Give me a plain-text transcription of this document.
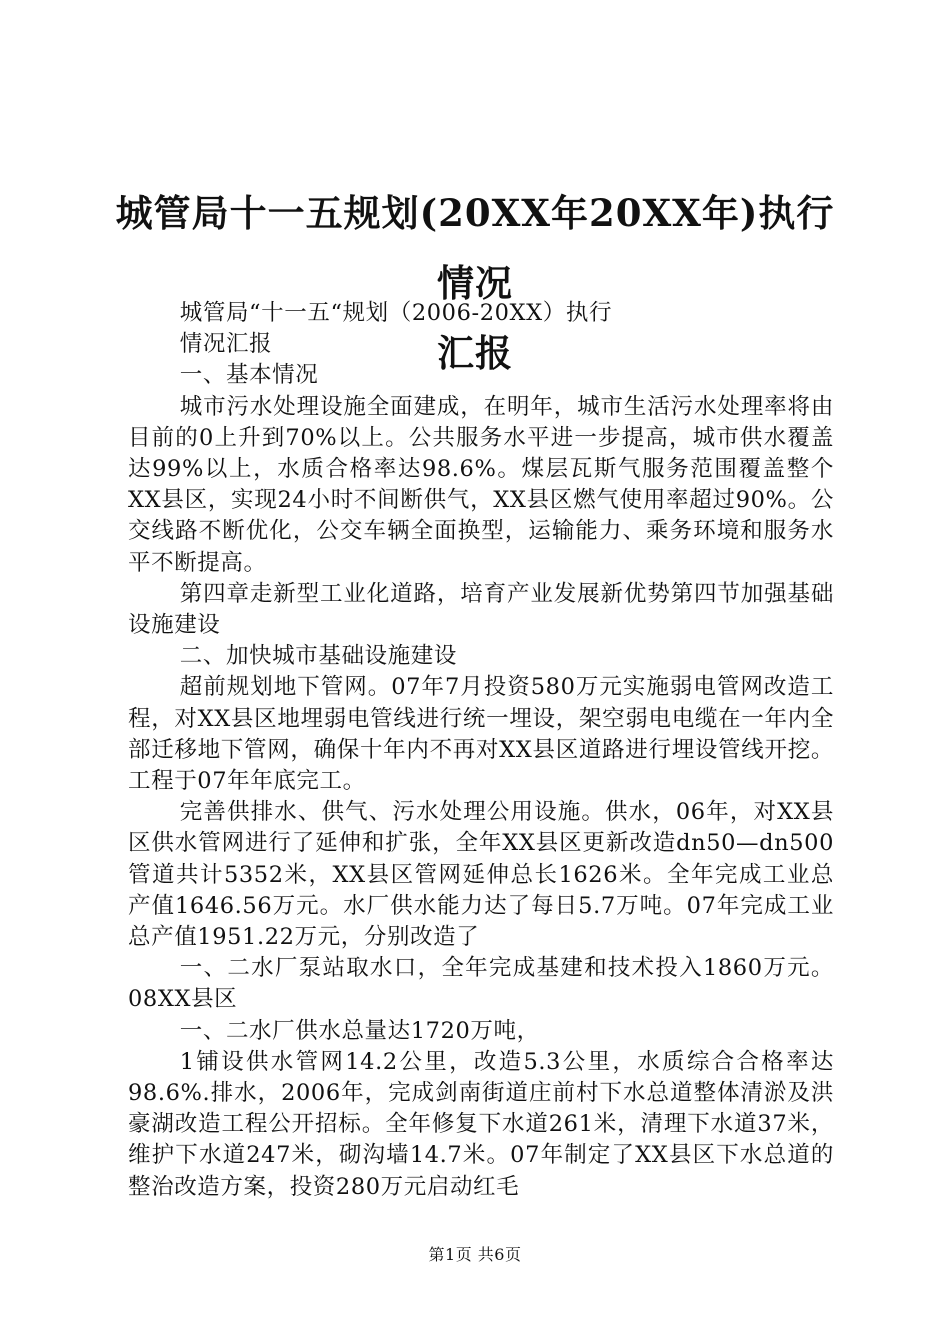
城管局十一五规划(20XX年20XX年)执行情况
汇报

城管局“十一五“规划（2006-20XX）执行

情况汇报

一、基本情况

城市污水处理设施全面建成，在明年，城市生活污水处理率将由目前的0上升到70%以上。公共服务水平进一步提高，城市供水覆盖达99%以上，水质合格率达98.6%。煤层瓦斯气服务范围覆盖整个XX县区，实现24小时不间断供气，XX县区燃气使用率超过90%。公交线路不断优化，公交车辆全面换型，运输能力、乘务环境和服务水平不断提高。

第四章走新型工业化道路，培育产业发展新优势第四节加强基础设施建设

二、加快城市基础设施建设

超前规划地下管网。07年7月投资580万元实施弱电管网改造工程，对XX县区地埋弱电管线进行统一埋设，架空弱电电缆在一年内全部迁移地下管网，确保十年内不再对XX县区道路进行埋设管线开挖。工程于07年年底完工。

完善供排水、供气、污水处理公用设施。供水，06年，对XX县区供水管网进行了延伸和扩张，全年XX县区更新改造dn50—dn500管道共计5352米，XX县区管网延伸总长1626米。全年完成工业总产值1646.56万元。水厂供水能力达了每日5.7万吨。07年完成工业总产值1951.22万元，分别改造了

一、二水厂泵站取水口，全年完成基建和技术投入1860万元。08XX县区

一、二水厂供水总量达1720万吨，

1铺设供水管网14.2公里，改造5.3公里，水质综合合格率达98.6%.排水，2006年，完成剑南街道庄前村下水总道整体清淤及洪豪湖改造工程公开招标。全年修复下水道261米，清理下水道37米，维护下水道247米，砌沟墙14.7米。07年制定了XX县区下水总道的整治改造方案，投资280万元启动红毛

第1页 共6页
